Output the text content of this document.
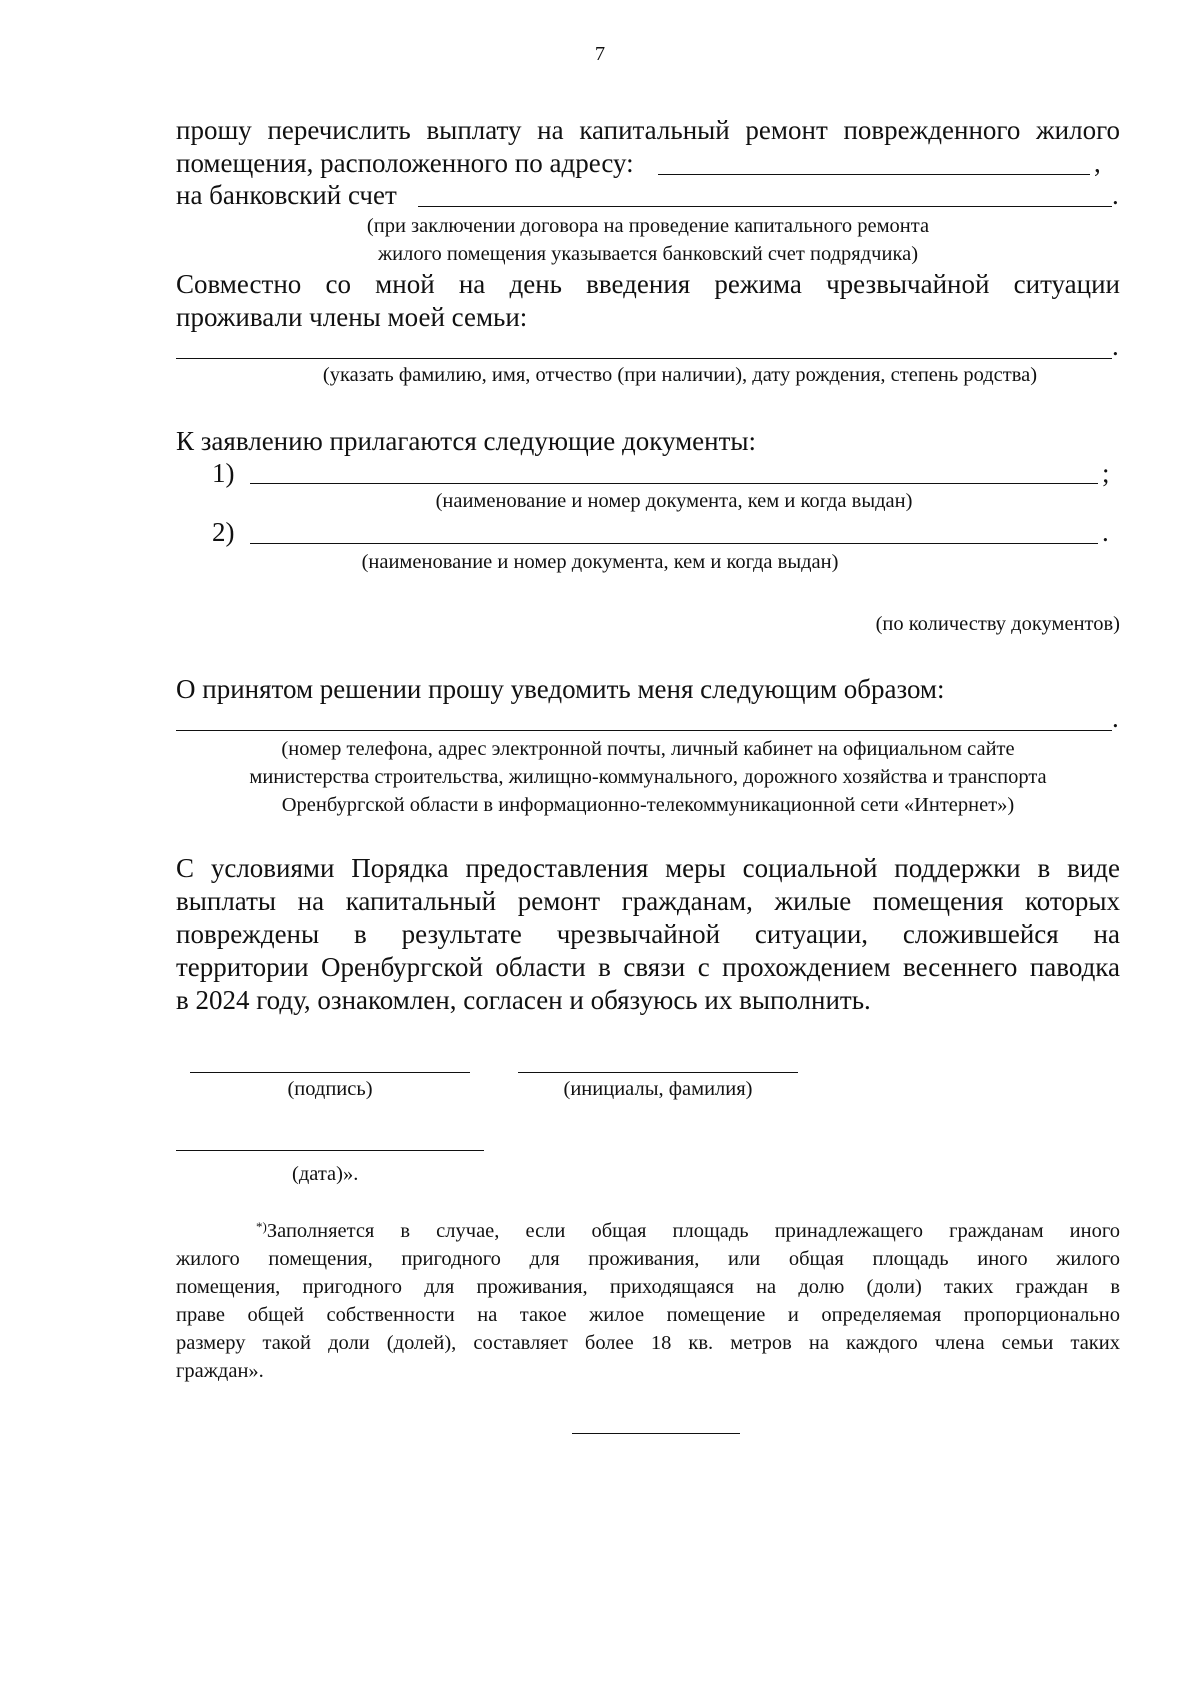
7
прошу перечислить выплату на капитальный ремонт поврежденного жилого
помещения, расположенного по адресу:	,
на банковский счет	.
(при заключении договора на проведение капитального ремонта
жилого помещения указывается банковский счет подрядчика)
Совместно со мной на день введения режима чрезвычайной ситуации
проживали члены моей семьи:
.
(указать фамилию, имя, отчество (при наличии), дату рождения, степень родства)
К заявлению прилагаются следующие документы:
1)	;
(наименование и номер документа, кем и когда выдан)
2)	.
(наименование и номер документа, кем и когда выдан)
(по количеству документов)
О принятом решении прошу уведомить меня следующим образом:
.
(номер телефона, адрес электронной почты, личный кабинет на официальном сайте
министерства строительства, жилищно-коммунального, дорожного хозяйства и транспорта
Оренбургской области в информационно-телекоммуникационной сети «Интернет»)
С условиями Порядка предоставления меры социальной поддержки в виде
выплаты на капитальный ремонт гражданам, жилые помещения которых
повреждены в результате чрезвычайной ситуации, сложившейся на
территории Оренбургской области в связи с прохождением весеннего паводка
в 2024 году, ознакомлен, согласен и обязуюсь их выполнить.
(подпись)	(инициалы, фамилия)
(дата)».
*)Заполняется в случае, если общая площадь принадлежащего гражданам иного
жилого помещения, пригодного для проживания, или общая площадь иного жилого
помещения, пригодного для проживания, приходящаяся на долю (доли) таких граждан в
праве общей собственности на такое жилое помещение и определяемая пропорционально
размеру такой доли (долей), составляет более 18 кв. метров на каждого члена семьи таких
граждан».
